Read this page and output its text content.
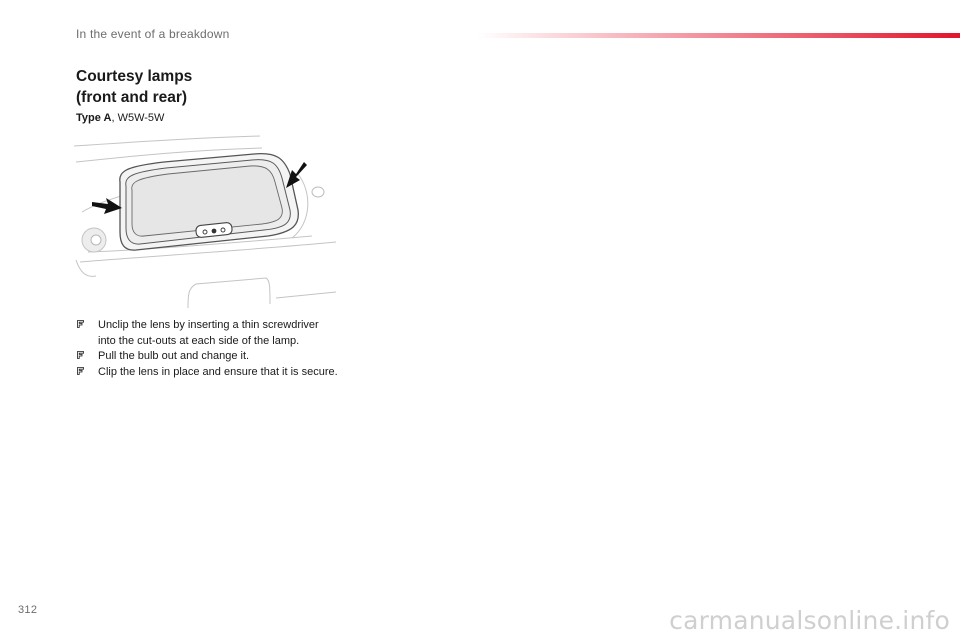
In the event of a breakdown
Courtesy lamps
(front and rear)
Type A, W5W-5W
Unclip the lens by inserting a thin screwdriver into the cut-outs at each side of the lamp.
Pull the bulb out and change it.
Clip the lens in place and ensure that it is secure.
312	carmanualsonline.info
